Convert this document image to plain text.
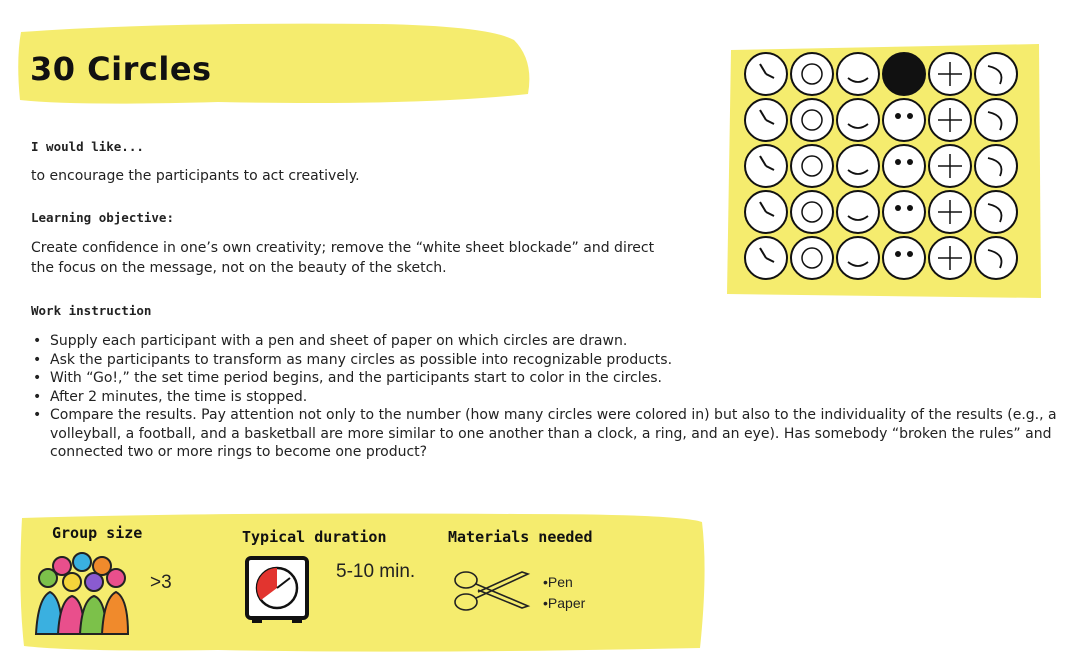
30 Circles
I would like...
to encourage the participants to act creatively.
Learning objective:
Create confidence in one’s own creativity; remove the “white sheet blockade” and direct
the focus on the message, not on the beauty of the sketch.
Work instruction
• Supply each participant with a pen and sheet of paper on which circles are drawn.
• Ask the participants to transform as many circles as possible into recognizable products.
• With “Go!,” the set time period begins, and the participants start to color in the circles.
• After 2 minutes, the time is stopped.
• Compare the results. Pay attention not only to the number (how many circles were colored in) but also to the individuality of the results (e.g., a volleyball, a football, and a basketball are more similar to one another than a clock, a ring, and an eye). Has somebody “broken the rules” and connected two or more rings to become one product?
Group size	Typical duration	Materials needed
>3
5-10 min.
•	Pen
• Paper
